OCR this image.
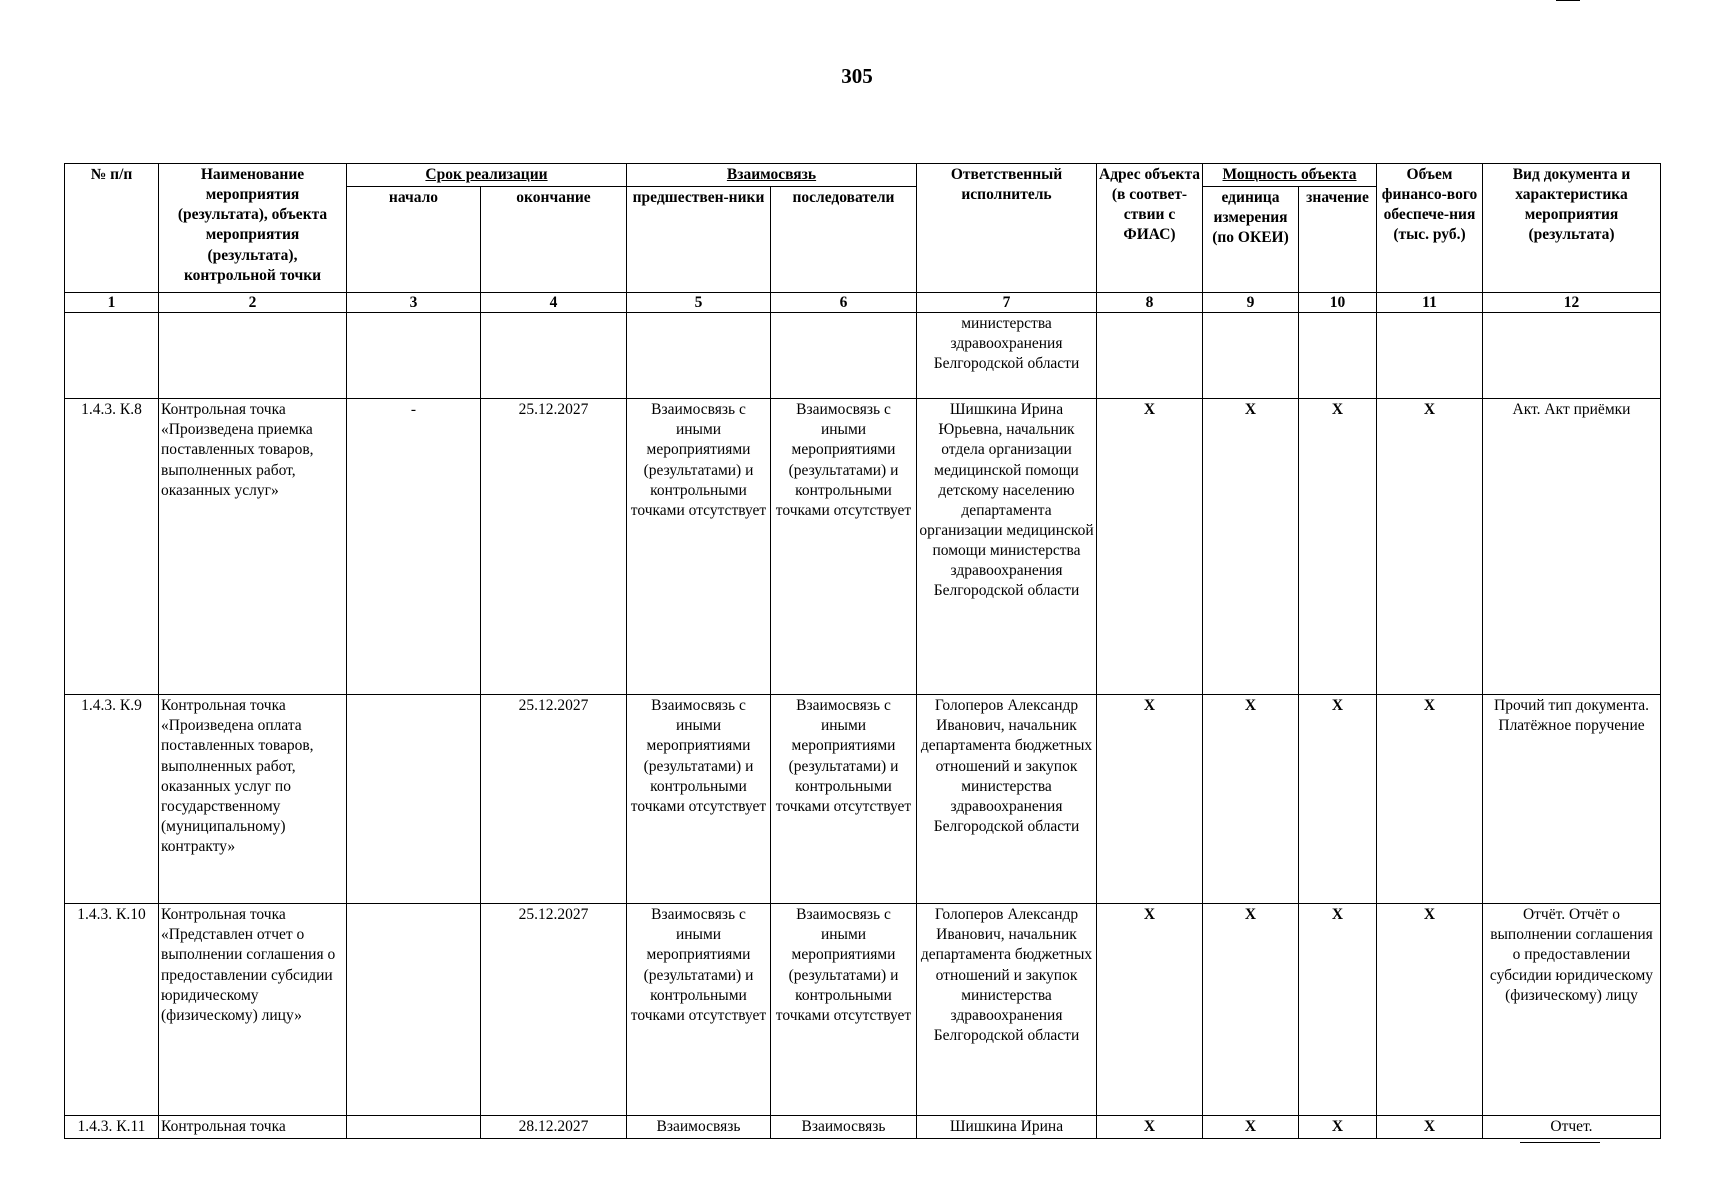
305
№ п/п	Наименование мероприятия (результата), объекта мероприятия (результата), контрольной точки	Срок реализации		Взаимосвязь		Ответственный исполнитель	Адрес объекта (в соответ-ствии с ФИАС)	Мощность объекта		Объем финансо-вого обеспече-ния (тыс. руб.)	Вид документа и характеристика мероприятия (результата)
		начало	окончание	предшествен-ники	последователи			единица измерения (по ОКЕИ)	значение		
1	2	3	4	5	6	7	8	9	10	11	12
						министерства здравоохранения Белгородской области					
1.4.3. К.8	Контрольная точка «Произведена приемка поставленных товаров, выполненных работ, оказанных услуг»	-	25.12.2027	Взаимосвязь с иными мероприятиями (результатами) и контрольными точками отсутствует	Взаимосвязь с иными мероприятиями (результатами) и контрольными точками отсутствует	Шишкина Ирина Юрьевна, начальник отдела организации медицинской помощи детскому населению департамента организации медицинской помощи министерства здравоохранения Белгородской области	Х	Х	Х	Х	Акт. Акт приёмки
1.4.3. К.9	Контрольная точка «Произведена оплата поставленных товаров, выполненных работ, оказанных услуг по государственному (муниципальному) контракту»		25.12.2027	Взаимосвязь с иными мероприятиями (результатами) и контрольными точками отсутствует	Взаимосвязь с иными мероприятиями (результатами) и контрольными точками отсутствует	Голоперов Александр Иванович, начальник департамента бюджетных отношений и закупок министерства здравоохранения Белгородской области	Х	Х	Х	Х	Прочий тип документа. Платёжное поручение
1.4.3. К.10	Контрольная точка «Представлен отчет о выполнении соглашения о предоставлении субсидии юридическому (физическому) лицу»		25.12.2027	Взаимосвязь с иными мероприятиями (результатами) и контрольными точками отсутствует	Взаимосвязь с иными мероприятиями (результатами) и контрольными точками отсутствует	Голоперов Александр Иванович, начальник департамента бюджетных отношений и закупок министерства здравоохранения Белгородской области	Х	Х	Х	Х	Отчёт. Отчёт о выполнении соглашения о предоставлении субсидии юридическому (физическому) лицу
1.4.3. К.11	Контрольная точка		28.12.2027	Взаимосвязь	Взаимосвязь	Шишкина Ирина	Х	Х	Х	Х	Отчет.
